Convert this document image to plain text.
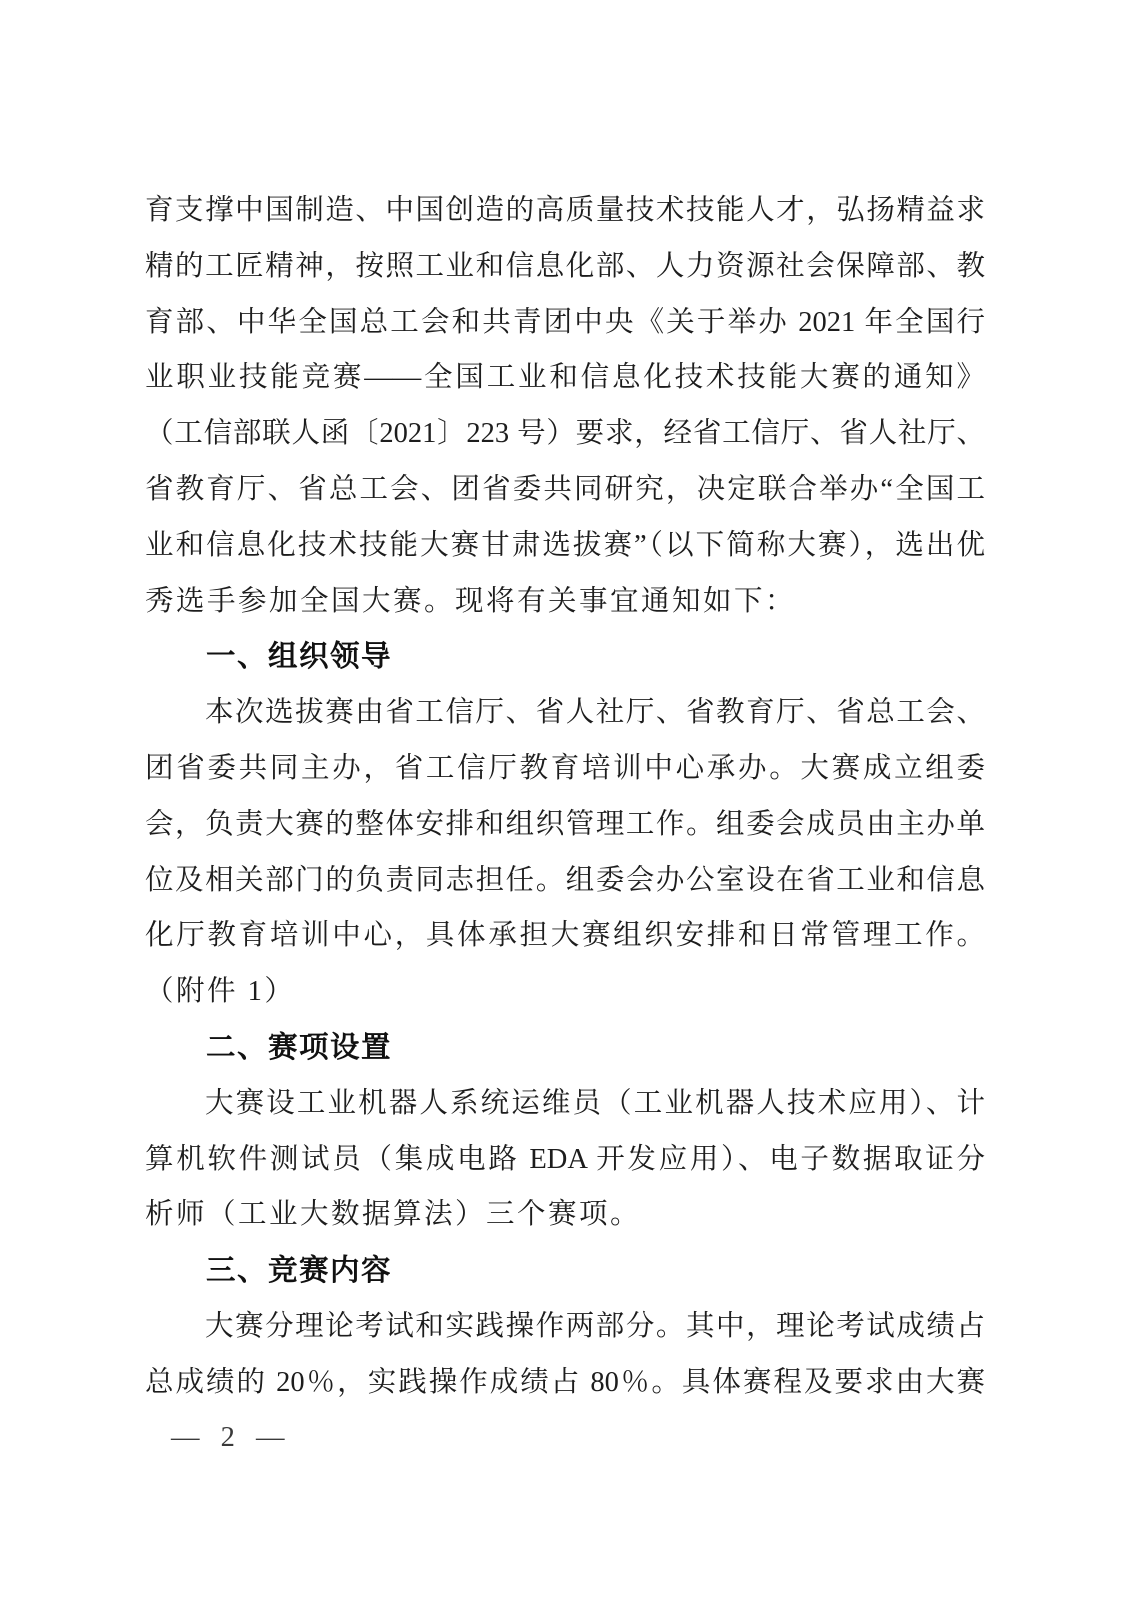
育支撑中国制造、中国创造的高质量技术技能人才，弘扬精益求
精的工匠精神，按照工业和信息化部、人力资源社会保障部、教
育部、中华全国总工会和共青团中央《关于举办 2021 年全国行
业职业技能竞赛——全国工业和信息化技术技能大赛的通知》
（工信部联人函〔2021〕223 号）要求，经省工信厅、省人社厅、
省教育厅、省总工会、团省委共同研究，决定联合举办“全国工
业和信息化技术技能大赛甘肃选拔赛”（以下简称大赛），选出优
秀选手参加全国大赛。现将有关事宜通知如下：
一、组织领导
本次选拔赛由省工信厅、省人社厅、省教育厅、省总工会、
团省委共同主办，省工信厅教育培训中心承办。大赛成立组委
会，负责大赛的整体安排和组织管理工作。组委会成员由主办单
位及相关部门的负责同志担任。组委会办公室设在省工业和信息
化厅教育培训中心，具体承担大赛组织安排和日常管理工作。
（附件 1）
二、赛项设置
大赛设工业机器人系统运维员（工业机器人技术应用）、计
算机软件测试员（集成电路 EDA 开发应用）、电子数据取证分
析师（工业大数据算法）三个赛项。
三、竞赛内容
大赛分理论考试和实践操作两部分。其中，理论考试成绩占
总成绩的 20％，实践操作成绩占 80％。具体赛程及要求由大赛
— 2 —
